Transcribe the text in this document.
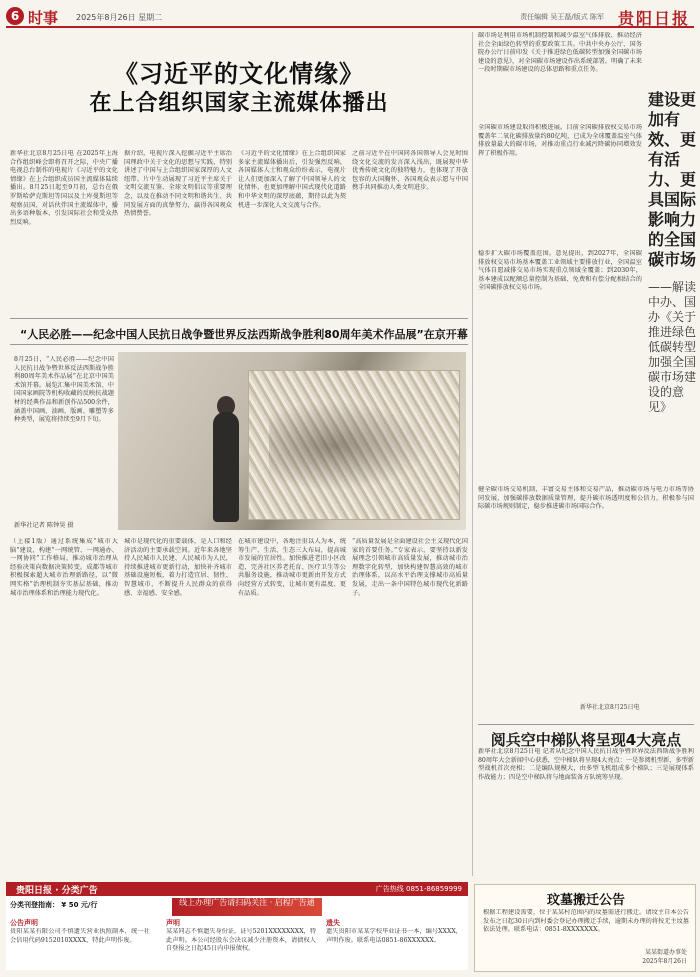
6 时事 2025年8月26日 星期二	责任编辑 吴王磊/版式 陈军 贵阳日报
《习近平的文化情缘》
在上合组织国家主流媒体播出
新华社北京8月25日电 在2025年上海合作组织峰会即将召开之际，中央广播电视总台制作的电视片《习近平的文化情缘》在上合组织成员国主流媒体陆续播出。8月25日起至9月初，总台在俄罗斯哈萨克斯坦等国以及土库曼斯坦等观察员国、对话伙伴国主流媒体中，播出多语种版本，引发国际社会和受众热烈反响。
据介绍，电视片深入挖掘习近平主席治国理政中关于文化的思想与实践，特别讲述了中国与上合组织国家深厚的人文纽带。片中生动展现了习近平主席关于文明交流互鉴、全球文明倡议等重要理念，以及在推动不同文明和谐共生、共同发展方面的真挚努力，赢得各国观众热情赞誉。
《习近平的文化情缘》在上合组织国家多家主流媒体播出后，引发强烈反响。各国媒体人士和观众纷纷表示，电视片让人们更加深入了解了中国领导人的文化情怀，也更加理解中国式现代化道路和中华文明的深厚底蕴，期待以此为契机进一步深化人文交流与合作。
之前习近平在中国同各国领导人会见时围绕文化交流的发言深入浅出，既展现中华优秀传统文化的独特魅力，也体现了开放包容的大国胸怀，各国观众表示愿与中国携手共同推动人类文明进步。
“人民必胜——纪念中国人民抗日战争暨世界反法西斯战争胜利80周年美术作品展”在京开幕
8月25日，“人民必胜——纪念中国人民抗日战争暨世界反法西斯战争胜利80周年美术作品展”在北京中国美术馆开幕。展览汇集中国美术馆、中国国家画院等机构收藏的反映抗战题材的经典作品和新创作品500余件，涵盖中国画、油画、版画、雕塑等多种类型，展览将持续至9月下旬。
新华社记者 陈钟昊 摄
（上接1版）通过系统集成“城市大脑”建设，构建“一网统管、一网通办、一网协同”工作格局，推动城市治理从经验决策向数据决策转变。成都等城市积极探索超大城市治理新路径，以“微网实格”治理机制夯实基层基础，推动城市治理体系和治理能力现代化。
城市是现代化的重要载体，是人口和经济活动的主要承载空间。近年来各地坚持人民城市人民建、人民城市为人民，持续推进城市更新行动，加快补齐城市基础设施短板，着力打造宜居、韧性、智慧城市，不断提升人民群众的获得感、幸福感、安全感。
在城市建设中，各地注重以人为本，统筹生产、生活、生态三大布局，提高城市发展的宜居性。加快推进老旧小区改造，完善社区养老托育、医疗卫生等公共服务设施，推动城市更新由开发方式向经营方式转变，让城市更有温度、更有品质。
“高质量发展是全面建设社会主义现代化国家的首要任务。”专家表示，要坚持以新发展理念引领城市高质量发展，推动城市治理数字化转型，加快构建智慧高效的城市治理体系，以高水平治理支撑城市高质量发展，走出一条中国特色城市现代化新路子。
碳市场是利用市场机制控制和减少温室气体排放、推动经济社会全面绿色转型的重要政策工具。中共中央办公厅、国务院办公厅日前印发《关于推进绿色低碳转型加强全国碳市场建设的意见》，对全国碳市场建设作出系统部署，明确了未来一段时期碳市场建设的总体思路和重点任务。
全国碳市场建设取得积极进展。目前全国碳排放权交易市场覆盖年二氧化碳排放量约80亿吨，已成为全球覆盖温室气体排放量最大的碳市场，对推动重点行业减污降碳协同增效发挥了积极作用。
稳步扩大碳市场覆盖范围。意见提出，到2027年，全国碳排放权交易市场基本覆盖工业领域主要排放行业，全国温室气体自愿减排交易市场实现重点领域全覆盖；到2030年，基本建成以配额总量控制为基础、免费和有偿分配相结合的全国碳排放权交易市场。
健全碳市场交易机制，丰富交易主体和交易产品，推动碳市场与电力市场等协同发展，加强碳排放数据质量管理，提升碳市场透明度和公信力，积极参与国际碳市场规则制定，稳步推进碳市场国际合作。
新华社北京8月25日电
建设更加有效、更有活力、更具国际影响力的全国碳市场
——解读中办、国办《关于推进绿色低碳转型加强全国碳市场建设的意见》
阅兵空中梯队将呈现4大亮点
新华社北京8月25日电 记者从纪念中国人民抗日战争暨世界反法西斯战争胜利80周年大会新闻中心获悉，空中梯队将呈现4大亮点：一是参阅机型新，多型新型战机首次亮相；二是编队规模大，由多型飞机组成多个梯队；三是展现体系作战能力；四是空中梯队将与地面装备方队统筹呈现。
贵阳日报 · 分类广告	广告热线 0851-86859999
分类刊登指南： ¥ 50 元/行	线上办理广告请扫码关注 · 启程广告通
公告声明
贵阳某某有限公司不慎遗失营业执照副本，统一社会信用代码9152010XXXX，特此声明作废。
声明
某某同志不慎遗失身份证，证号5201XXXXXXXX，特此声明。本公司经股东会决议减少注册资本，请债权人自登报之日起45日内申报债权。
遗失
遗失贵阳市某某学校毕业证书一本，编号XXXX，声明作废。联系电话0851-86XXXXXX。
玟墓搬迁公告
根据工程建设需要，位于某某村范围内的坟墓需进行搬迁。请坟主自本公告发布之日起30日内到村委会登记办理搬迁手续，逾期未办理的将按无主坟墓依法处理。联系电话：0851-8XXXXXXX。
某某街道办事处
2025年8月26日
